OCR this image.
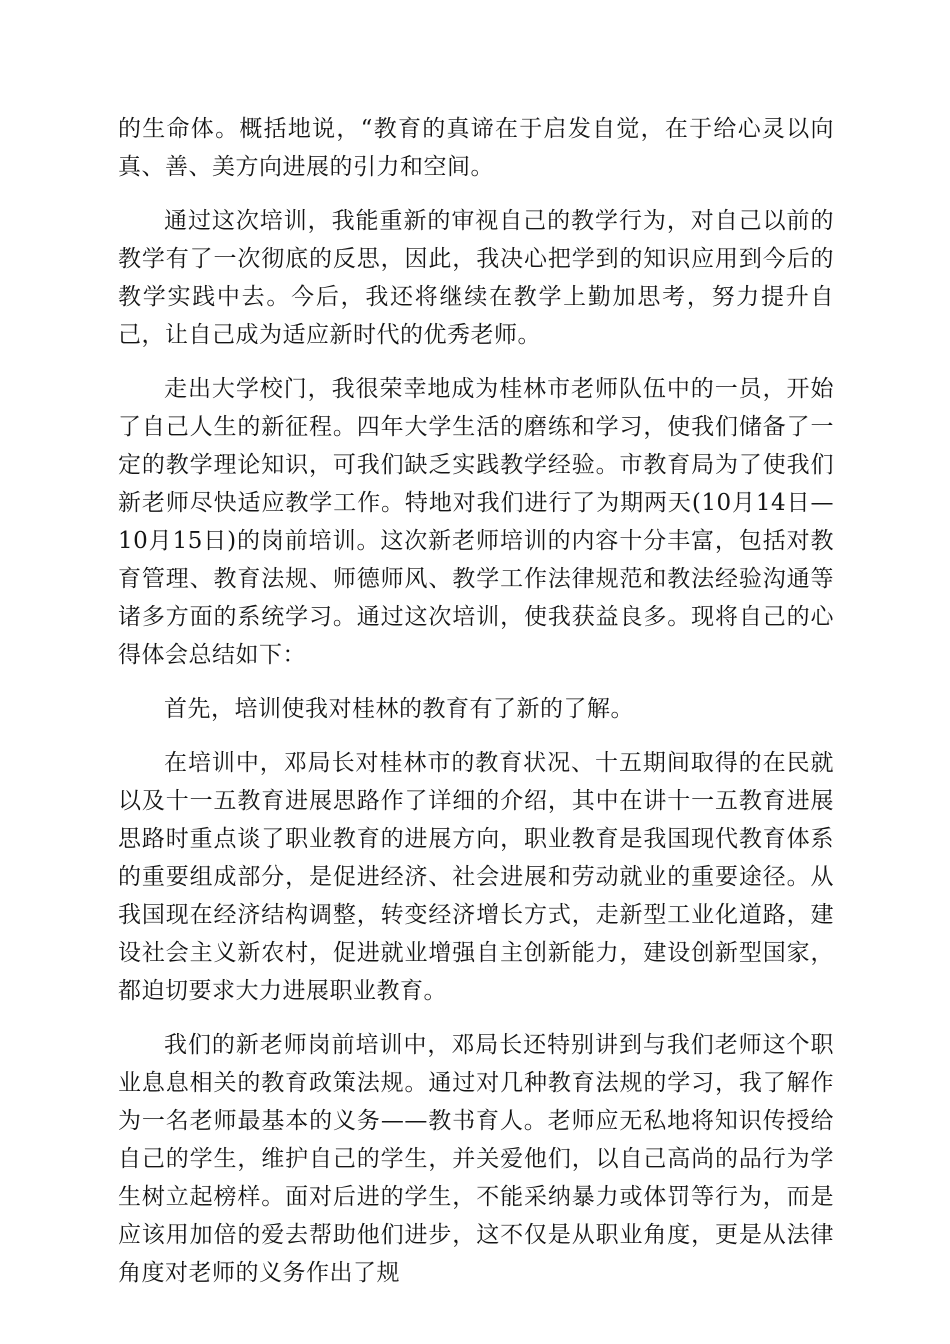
的生命体。概括地说，“教育的真谛在于启发自觉，在于给心灵以向真、善、美方向进展的引力和空间。

通过这次培训，我能重新的审视自己的教学行为，对自己以前的教学有了一次彻底的反思，因此，我决心把学到的知识应用到今后的教学实践中去。今后，我还将继续在教学上勤加思考，努力提升自己，让自己成为适应新时代的优秀老师。

走出大学校门，我很荣幸地成为桂林市老师队伍中的一员，开始了自己人生的新征程。四年大学生活的磨练和学习，使我们储备了一定的教学理论知识，可我们缺乏实践教学经验。市教育局为了使我们新老师尽快适应教学工作。特地对我们进行了为期两天(10月14日—10月15日)的岗前培训。这次新老师培训的内容十分丰富，包括对教育管理、教育法规、师德师风、教学工作法律规范和教法经验沟通等诸多方面的系统学习。通过这次培训，使我获益良多。现将自己的心得体会总结如下：

首先，培训使我对桂林的教育有了新的了解。

在培训中，邓局长对桂林市的教育状况、十五期间取得的在民就以及十一五教育进展思路作了详细的介绍，其中在讲十一五教育进展思路时重点谈了职业教育的进展方向，职业教育是我国现代教育体系的重要组成部分，是促进经济、社会进展和劳动就业的重要途径。从我国现在经济结构调整，转变经济增长方式，走新型工业化道路，建设社会主义新农村，促进就业增强自主创新能力，建设创新型国家，都迫切要求大力进展职业教育。

我们的新老师岗前培训中，邓局长还特别讲到与我们老师这个职业息息相关的教育政策法规。通过对几种教育法规的学习，我了解作为一名老师最基本的义务——教书育人。老师应无私地将知识传授给自己的学生，维护自己的学生，并关爱他们，以自己高尚的品行为学生树立起榜样。面对后进的学生，不能采纳暴力或体罚等行为，而是应该用加倍的爱去帮助他们进步，这不仅是从职业角度，更是从法律角度对老师的义务作出了规
